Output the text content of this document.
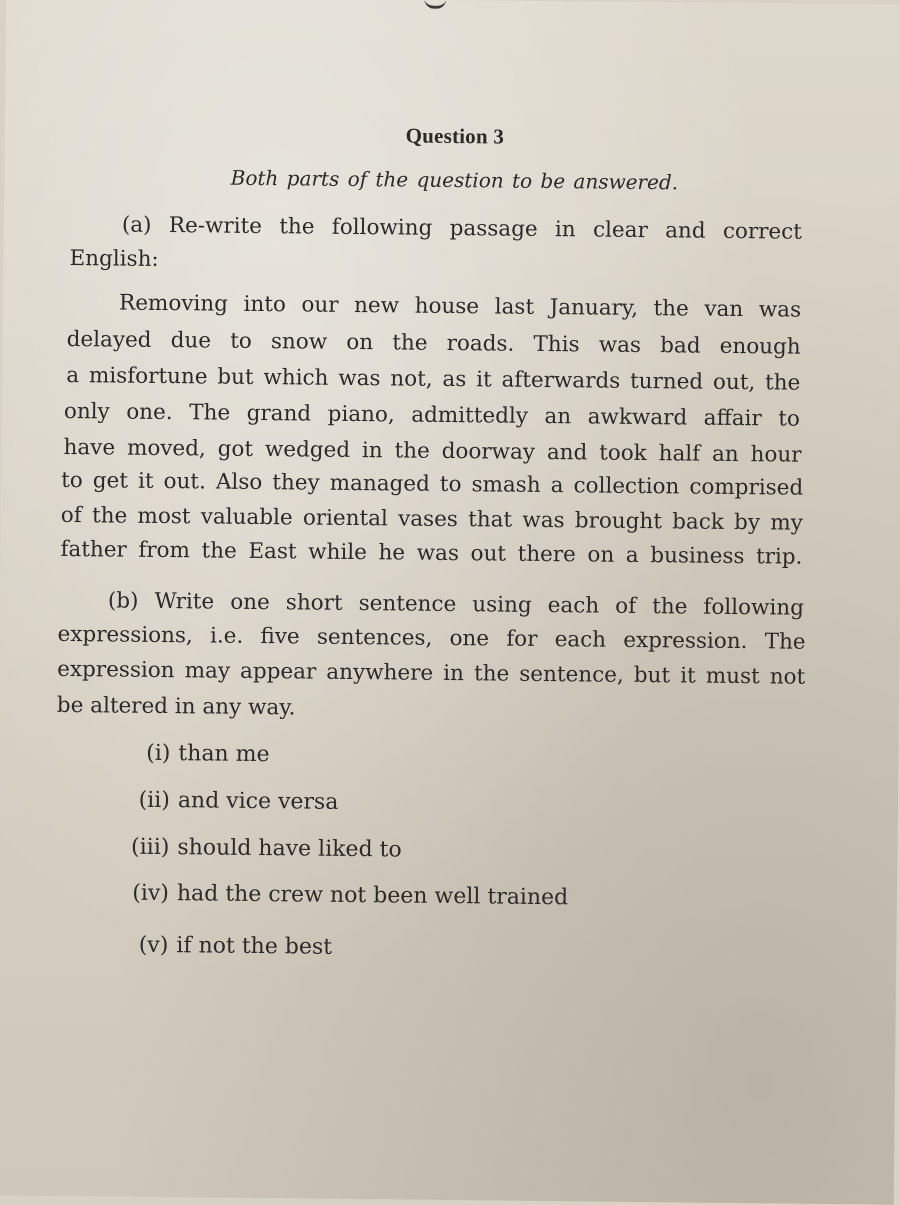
Question 3
Both parts of the question to be answered.
(a) Re-write the following passage in clear and correct
English:
Removing into our new house last January, the van was
delayed due to snow on the roads. This was bad enough
a misfortune but which was not, as it afterwards turned out, the
only one. The grand piano, admittedly an awkward affair to
have moved, got wedged in the doorway and took half an hour
to get it out. Also they managed to smash a collection comprised
of the most valuable oriental vases that was brought back by my
father from the East while he was out there on a business trip.
(b) Write one short sentence using each of the following
expressions, i.e. five sentences, one for each expression. The
expression may appear anywhere in the sentence, but it must not
be altered in any way.
(i) than me
(ii) and vice versa
(iii) should have liked to
(iv) had the crew not been well trained
(v) if not the best
